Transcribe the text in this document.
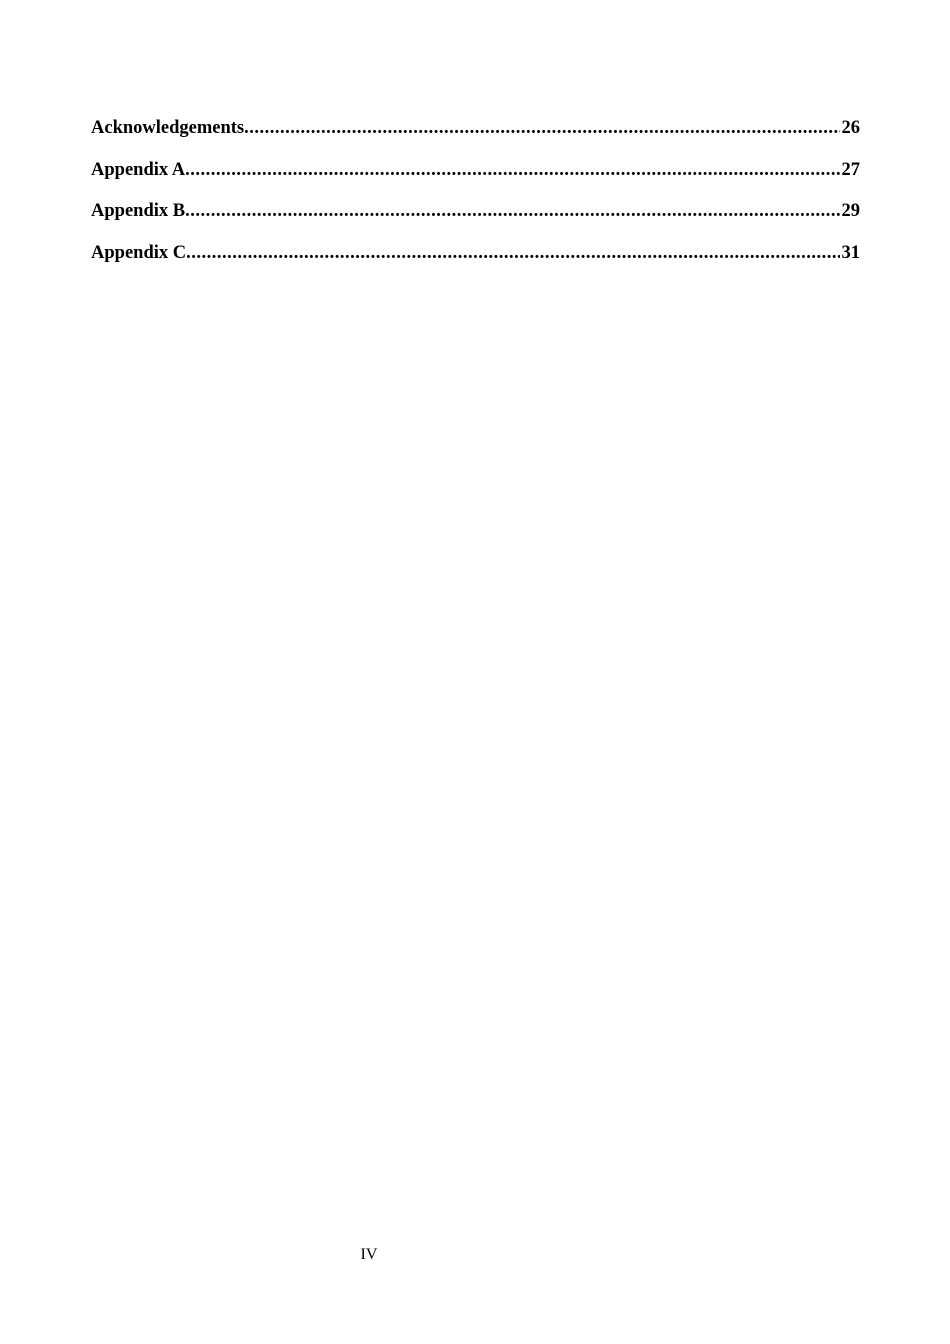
Acknowledgements .....	26
Appendix A .....	27
Appendix B .....	29
Appendix C .....	31
IV
